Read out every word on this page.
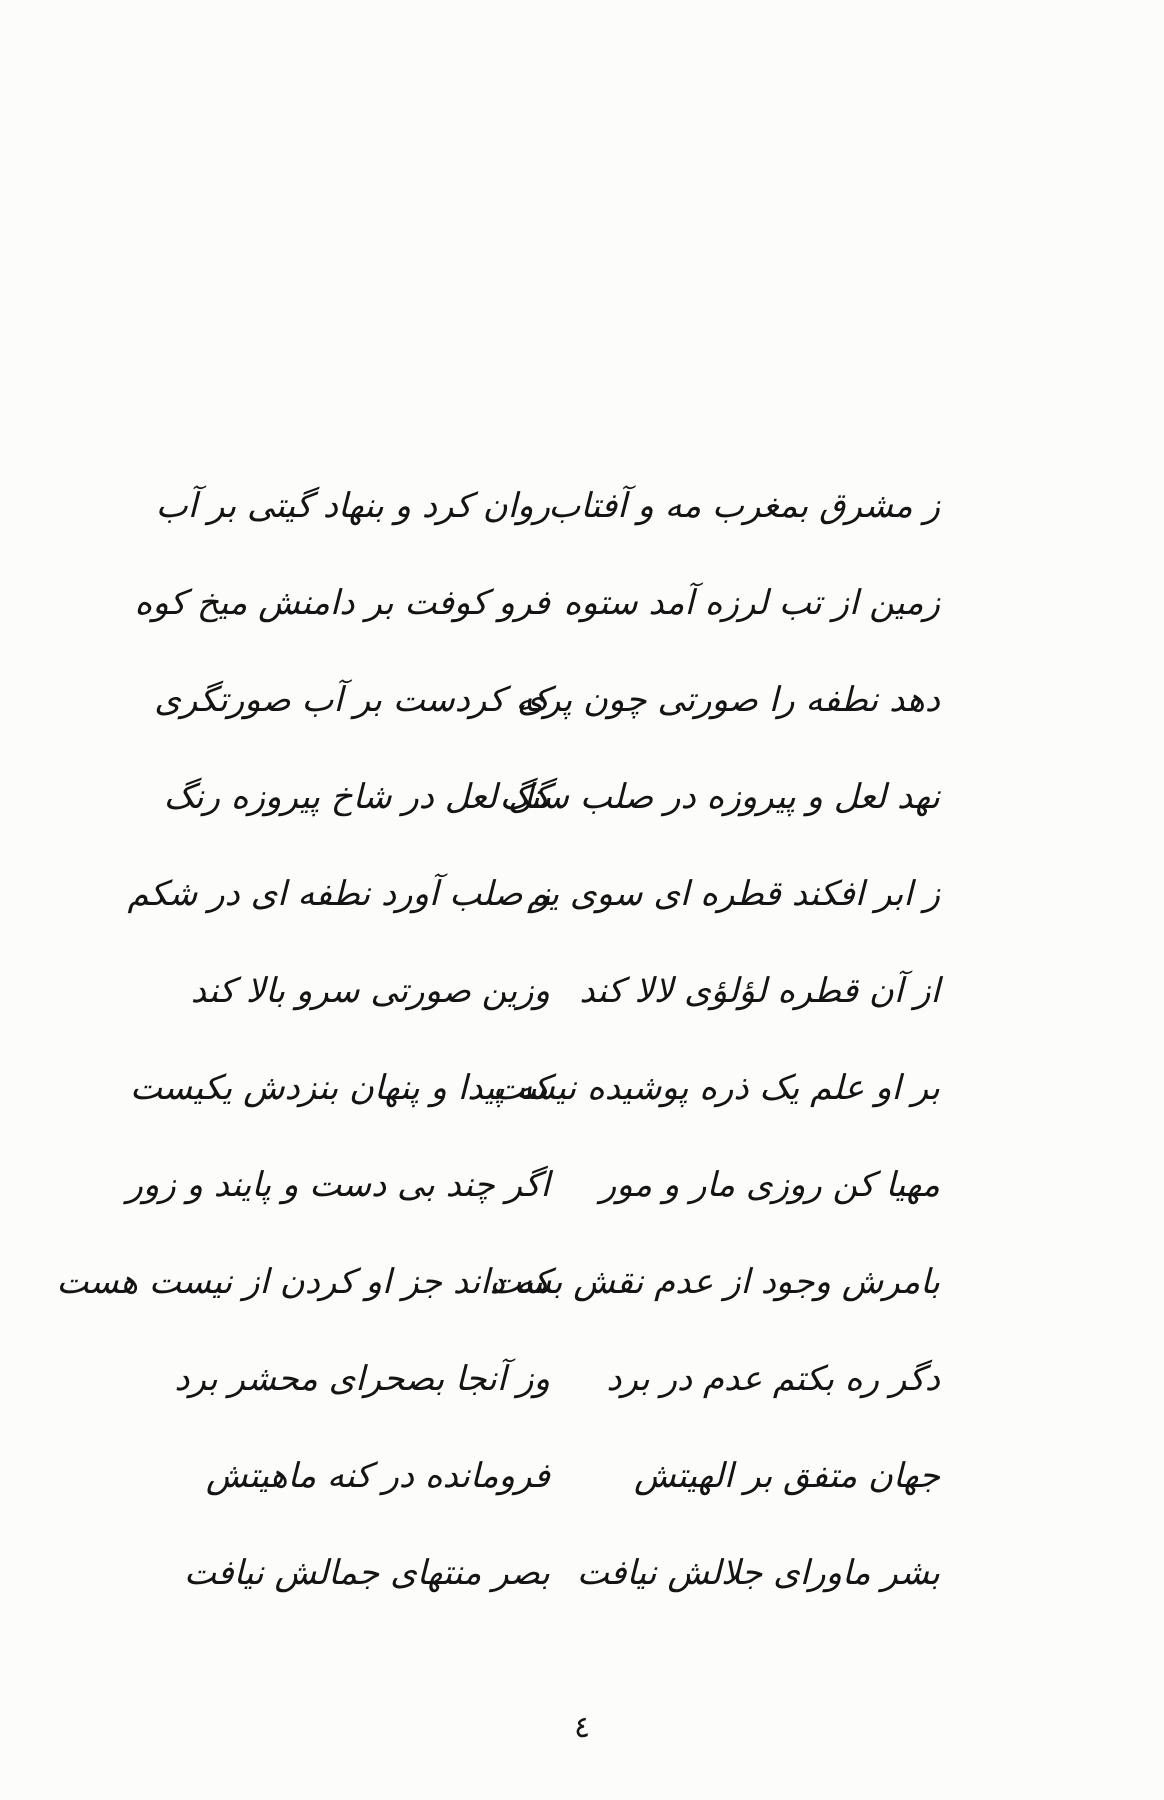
ز مشرق بمغرب مه و آفتاب
روان کرد و بنهاد گیتی بر آب
زمین از تب لرزه آمد ستوه
فرو کوفت بر دامنش میخ کوه
دهد نطفه را صورتی چون پری
که کردست بر آب صورتگری
نهد لعل و پیروزه در صلب سنگ
گل لعل در شاخ پیروزه رنگ
ز ابر افکند قطره ای سوی یم
ز صلب آورد نطفه ای در شکم
از آن قطره لؤلؤی لالا کند
وزین صورتی سرو بالا کند
بر او علم یک ذره پوشیده نیست
که پیدا و پنهان بنزدش یکیست
مهیا کن روزی مار و مور
اگر چند بی دست و پایند و زور
بامرش وجود از عدم نقش بست
که داند جز او کردن از نیست هست
دگر ره بکتم عدم در برد
وز آنجا بصحرای محشر برد
جهان متفق بر الهیتش
فرومانده در کنه ماهیتش
بشر ماورای جلالش نیافت
بصر منتهای جمالش نیافت
٤
